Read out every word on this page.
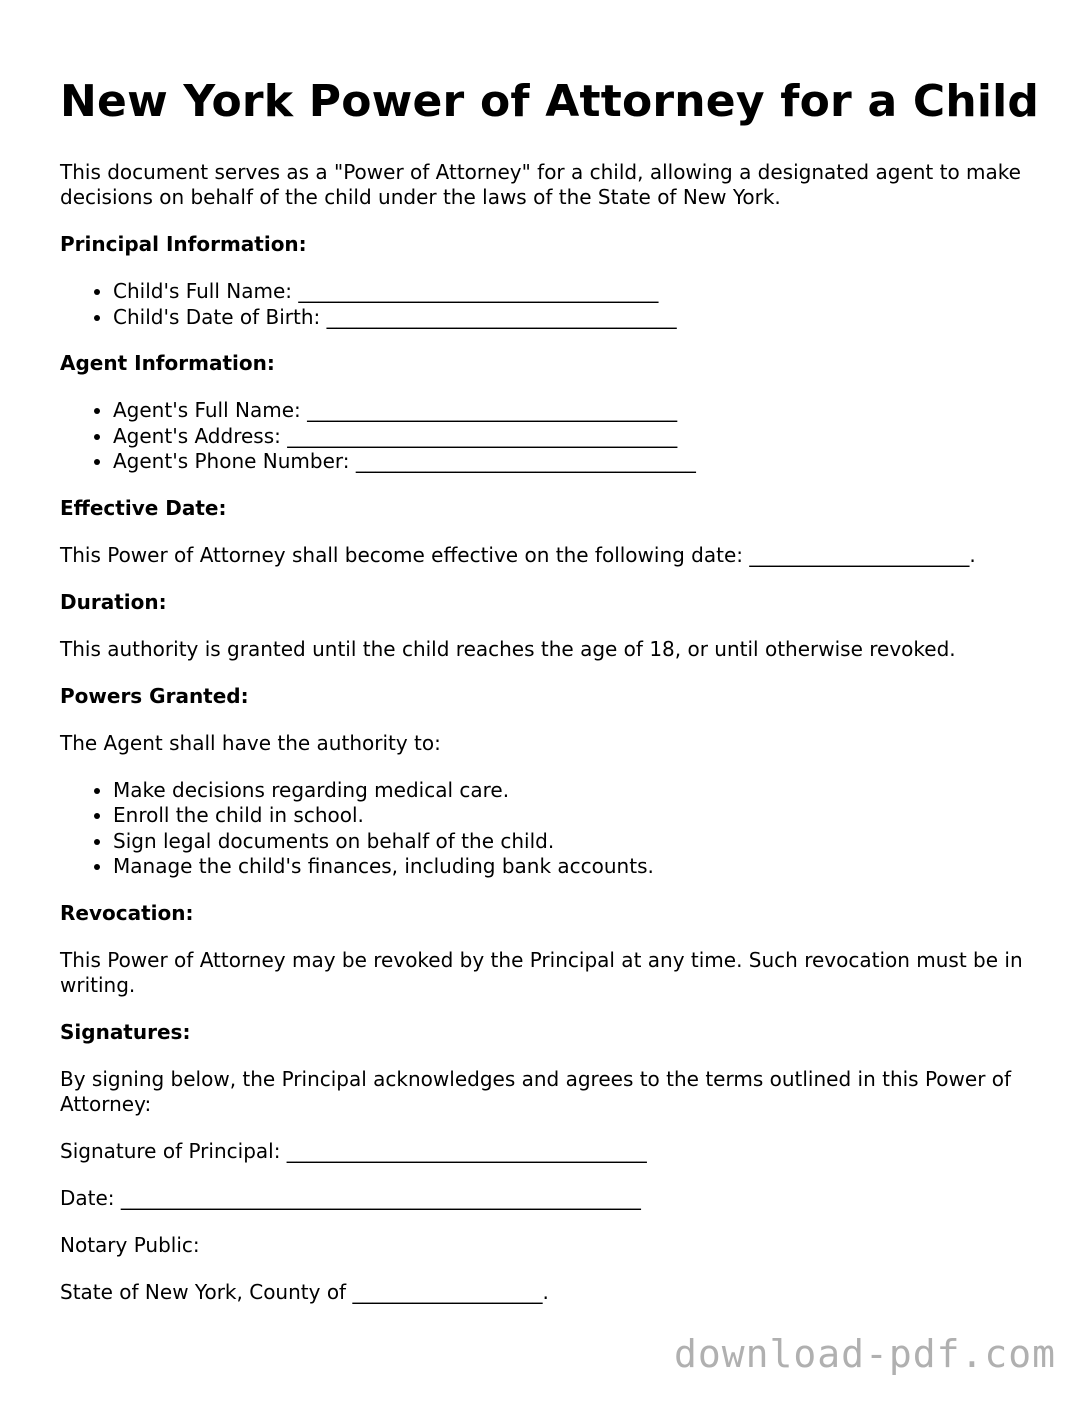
New York Power of Attorney for a Child

This document serves as a "Power of Attorney" for a child, allowing a designated agent to make decisions on behalf of the child under the laws of the State of New York.

Principal Information:
• Child's Full Name: ____________________________________
• Child's Date of Birth: ___________________________________
Agent Information:
• Agent's Full Name: _____________________________________
• Agent's Address: _______________________________________
• Agent's Phone Number: __________________________________
Effective Date:

This Power of Attorney shall become effective on the following date: ______________________.

Duration:

This authority is granted until the child reaches the age of 18, or until otherwise revoked.

Powers Granted:

The Agent shall have the authority to:

• Make decisions regarding medical care.
• Enroll the child in school.
• Sign legal documents on behalf of the child.
• Manage the child's finances, including bank accounts.
Revocation:

This Power of Attorney may be revoked by the Principal at any time. Such revocation must be in writing.

Signatures:

By signing below, the Principal acknowledges and agrees to the terms outlined in this Power of Attorney:

Signature of Principal: ____________________________________

Date: ____________________________________________________

Notary Public:

State of New York, County of ___________________.

download-pdf.com
